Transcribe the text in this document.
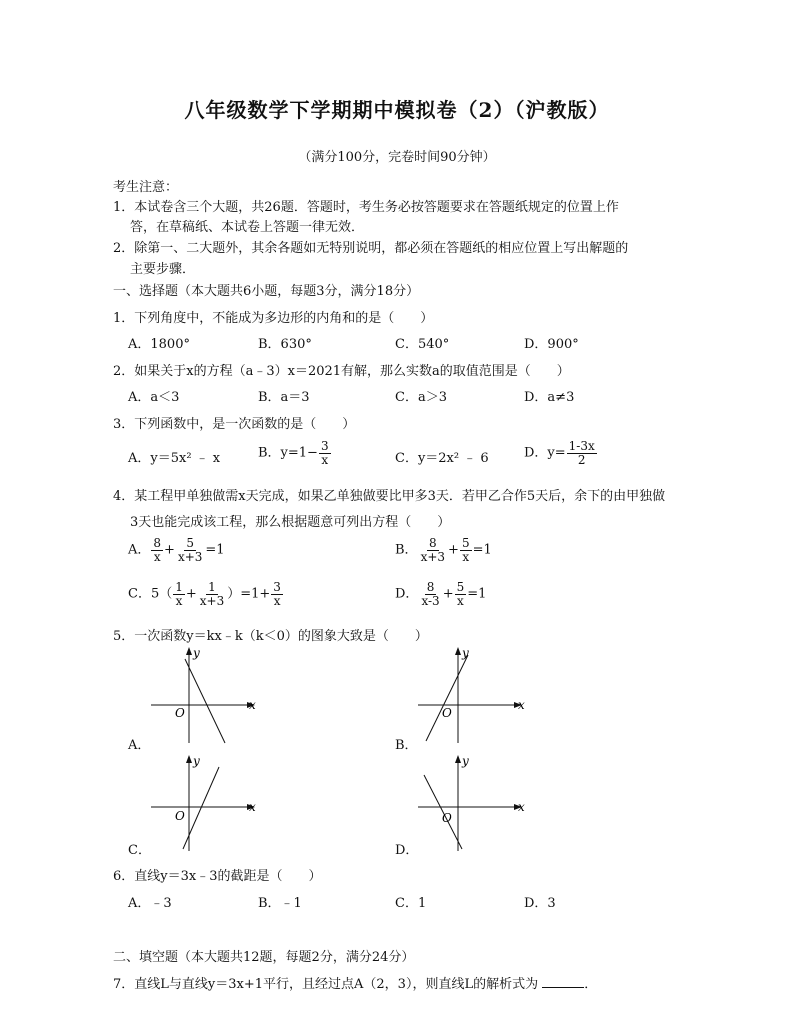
八年级数学下学期期中模拟卷（2）（沪教版）
（满分100分，完卷时间90分钟）
考生注意：
1．本试卷含三个大题，共26题．答题时，考生务必按答题要求在答题纸规定的位置上作
答，在草稿纸、本试卷上答题一律无效．
2．除第一、二大题外，其余各题如无特别说明，都必须在答题纸的相应位置上写出解题的
主要步骤．
一、选择题（本大题共6小题，每题3分，满分18分）
1．下列角度中，不能成为多边形的内角和的是（　　）
A．1800°	B．630°	C．540°	D．900°
2．如果关于x的方程（a﹣3）x＝2021有解，那么实数a的取值范围是（　　）
A．a＜3	B．a＝3	C．a＞3	D．a≠3
3．下列函数中，是一次函数的是（　　）
A．y＝5x² ﹣ x	B．$y=1- \frac{3}{x}$	C．y＝2x² ﹣ 6	D．$y= \frac{1-3x}{2}$
4．某工程甲单独做需x天完成，如果乙单独做要比甲多3天．若甲乙合作5天后，余下的由甲独做
3天也能完成该工程，那么根据题意可列出方程（　　）
A． $\frac{8}{x} + \frac{5}{x+3} =1$	B． $\frac{8}{x+3} + \frac{5}{x} =1$
C．$5( \frac{1}{x} + \frac{1}{x+3} )=1+ \frac{3}{x}$	D． $\frac{8}{x-3} + \frac{5}{x} =1$
5．一次函数y＝kx﹣k（k＜0）的图象大致是（　　）
y
x
O
A．
y
x
O
B．
y
x
O
C．
y
x
O
D．
6．直线y＝3x﹣3的截距是（　　）
A．﹣3	B．﹣1	C．1	D．3
二、填空题（本大题共12题，每题2分，满分24分）
7．直线L与直线y＝3x+1平行，且经过点A（2，3），则直线L的解析式为	．
